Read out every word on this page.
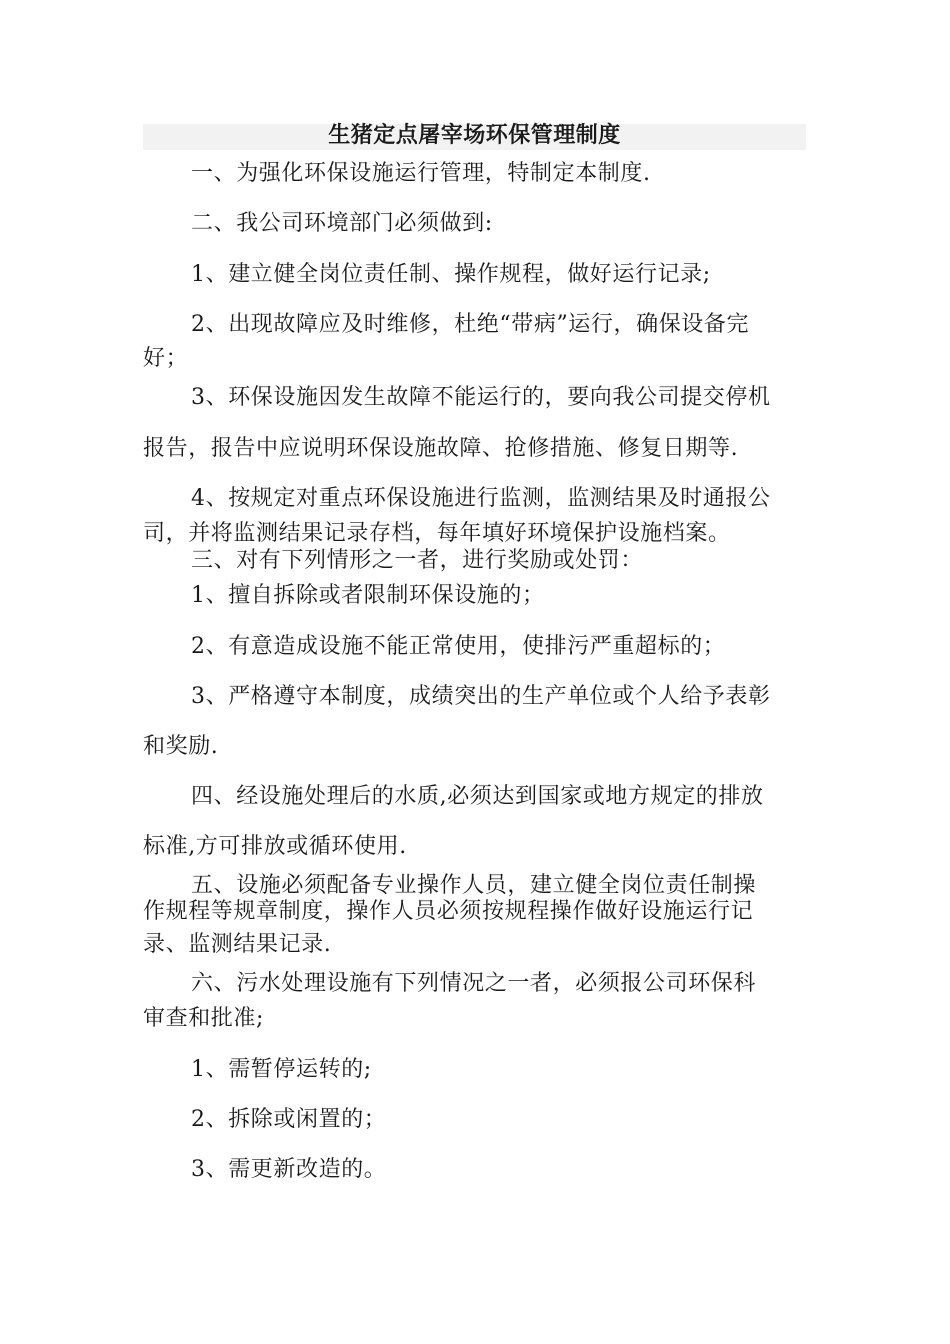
生猪定点屠宰场环保管理制度
一、为强化环保设施运行管理，特制定本制度.
二、我公司环境部门必须做到:
1、建立健全岗位责任制、操作规程，做好运行记录;
2、出现故障应及时维修，杜绝“带病”运行，确保设备完
好；
3、环保设施因发生故障不能运行的，要向我公司提交停机
报告，报告中应说明环保设施故障、抢修措施、修复日期等.
4、按规定对重点环保设施进行监测，监测结果及时通报公
司，并将监测结果记录存档，每年填好环境保护设施档案。
三、对有下列情形之一者，进行奖励或处罚：
1、擅自拆除或者限制环保设施的；
2、有意造成设施不能正常使用，使排污严重超标的；
3、严格遵守本制度，成绩突出的生产单位或个人给予表彰
和奖励.
四、经设施处理后的水质,必须达到国家或地方规定的排放
标准,方可排放或循环使用.
五、设施必须配备专业操作人员，建立健全岗位责任制操
作规程等规章制度，操作人员必须按规程操作做好设施运行记
录、监测结果记录.
六、污水处理设施有下列情况之一者，必须报公司环保科
审查和批准;
1、需暂停运转的;
2、拆除或闲置的；
3、需更新改造的。
